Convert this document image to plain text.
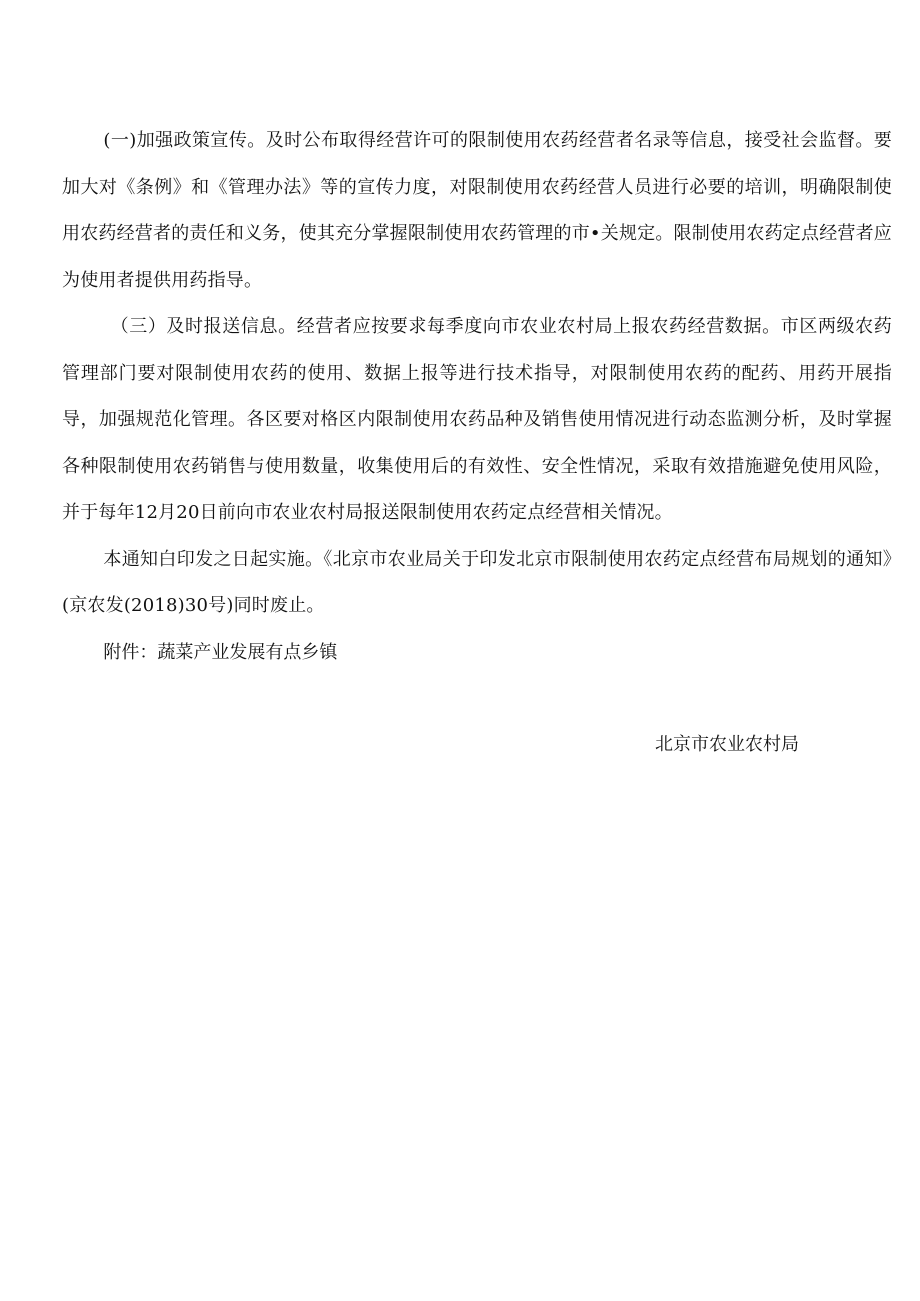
(一)加强政策宣传。及时公布取得经营许可的限制使用农药经营者名录等信息，接受社会监督。要加大对《条例》和《管理办法》等的宣传力度，对限制使用农药经营人员进行必要的培训，明确限制使用农药经营者的责任和义务，使其充分掌握限制使用农药管理的市•关规定。限制使用农药定点经营者应为使用者提供用药指导。

（三）及时报送信息。经营者应按要求每季度向市农业农村局上报农药经营数据。市区两级农药管理部门要对限制使用农药的使用、数据上报等进行技术指导，对限制使用农药的配药、用药开展指导，加强规范化管理。各区要对格区内限制使用农药品种及销售使用情况进行动态监测分析，及时掌握各种限制使用农药销售与使用数量，收集使用后的有效性、安全性情况，采取有效措施避免使用风险，并于每年12月20日前向市农业农村局报送限制使用农药定点经营相关情况。

本通知白印发之日起实施。《北京市农业局关于印发北京市限制使用农药定点经营布局规划的通知》(京农发(2018)30号)同时废止。

附件：蔬菜产业发展有点乡镇

北京市农业农村局
